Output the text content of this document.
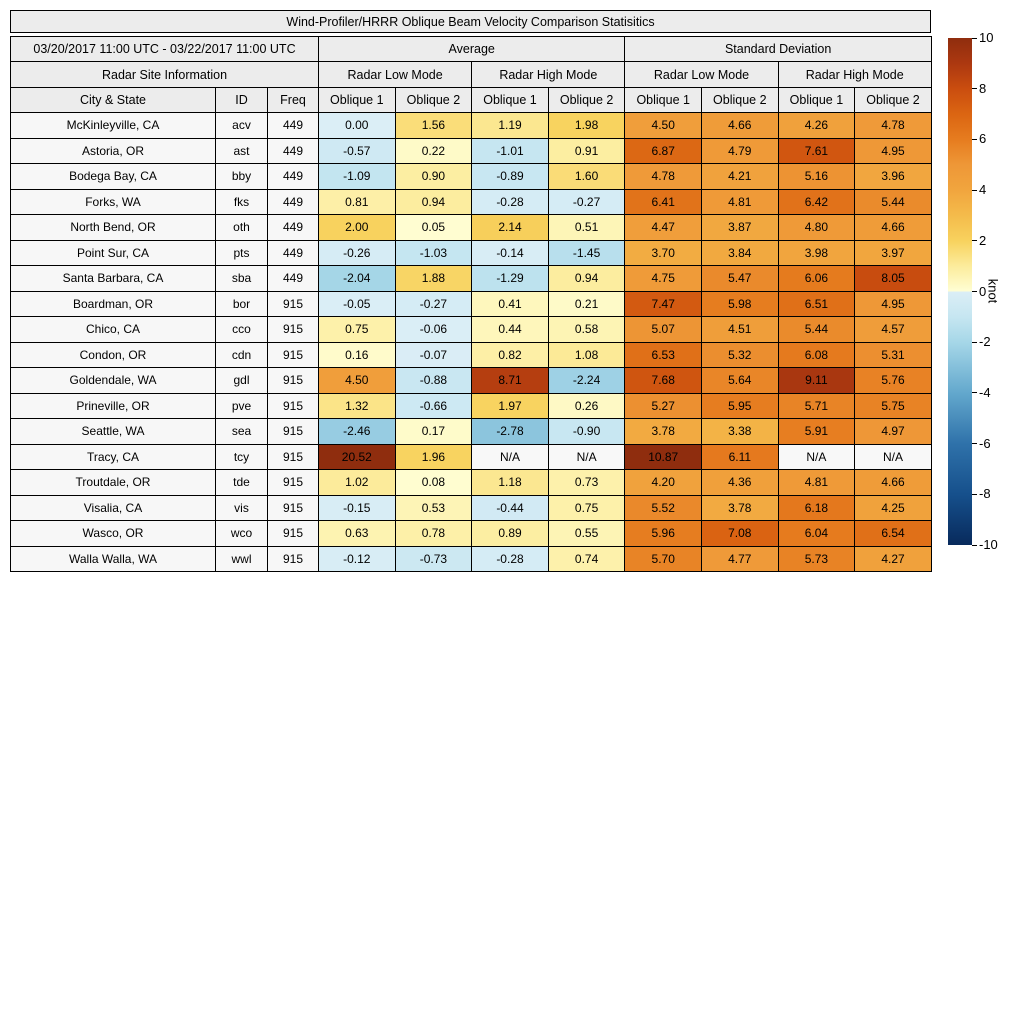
Wind-Profiler/HRRR Oblique Beam Velocity Comparison Statisitics
03/20/2017 11:00 UTC - 03/22/2017 11:00 UTC			Average				Standard Deviation			
Radar Site Information			Radar Low Mode		Radar High Mode		Radar Low Mode		Radar High Mode	
City & State	ID	Freq	Oblique 1	Oblique 2	Oblique 1	Oblique 2	Oblique 1	Oblique 2	Oblique 1	Oblique 2
McKinleyville, CA	acv	449	0.00	1.56	1.19	1.98	4.50	4.66	4.26	4.78
Astoria, OR	ast	449	-0.57	0.22	-1.01	0.91	6.87	4.79	7.61	4.95
Bodega Bay, CA	bby	449	-1.09	0.90	-0.89	1.60	4.78	4.21	5.16	3.96
Forks, WA	fks	449	0.81	0.94	-0.28	-0.27	6.41	4.81	6.42	5.44
North Bend, OR	oth	449	2.00	0.05	2.14	0.51	4.47	3.87	4.80	4.66
Point Sur, CA	pts	449	-0.26	-1.03	-0.14	-1.45	3.70	3.84	3.98	3.97
Santa Barbara, CA	sba	449	-2.04	1.88	-1.29	0.94	4.75	5.47	6.06	8.05
Boardman, OR	bor	915	-0.05	-0.27	0.41	0.21	7.47	5.98	6.51	4.95
Chico, CA	cco	915	0.75	-0.06	0.44	0.58	5.07	4.51	5.44	4.57
Condon, OR	cdn	915	0.16	-0.07	0.82	1.08	6.53	5.32	6.08	5.31
Goldendale, WA	gdl	915	4.50	-0.88	8.71	-2.24	7.68	5.64	9.11	5.76
Prineville, OR	pve	915	1.32	-0.66	1.97	0.26	5.27	5.95	5.71	5.75
Seattle, WA	sea	915	-2.46	0.17	-2.78	-0.90	3.78	3.38	5.91	4.97
Tracy, CA	tcy	915	20.52	1.96	N/A	N/A	10.87	6.11	N/A	N/A
Troutdale, OR	tde	915	1.02	0.08	1.18	0.73	4.20	4.36	4.81	4.66
Visalia, CA	vis	915	-0.15	0.53	-0.44	0.75	5.52	3.78	6.18	4.25
Wasco, OR	wco	915	0.63	0.78	0.89	0.55	5.96	7.08	6.04	6.54
Walla Walla, WA	wwl	915	-0.12	-0.73	-0.28	0.74	5.70	4.77	5.73	4.27
10
8
6
4
2
0
-2
-4
-6
-8
-10
knot
